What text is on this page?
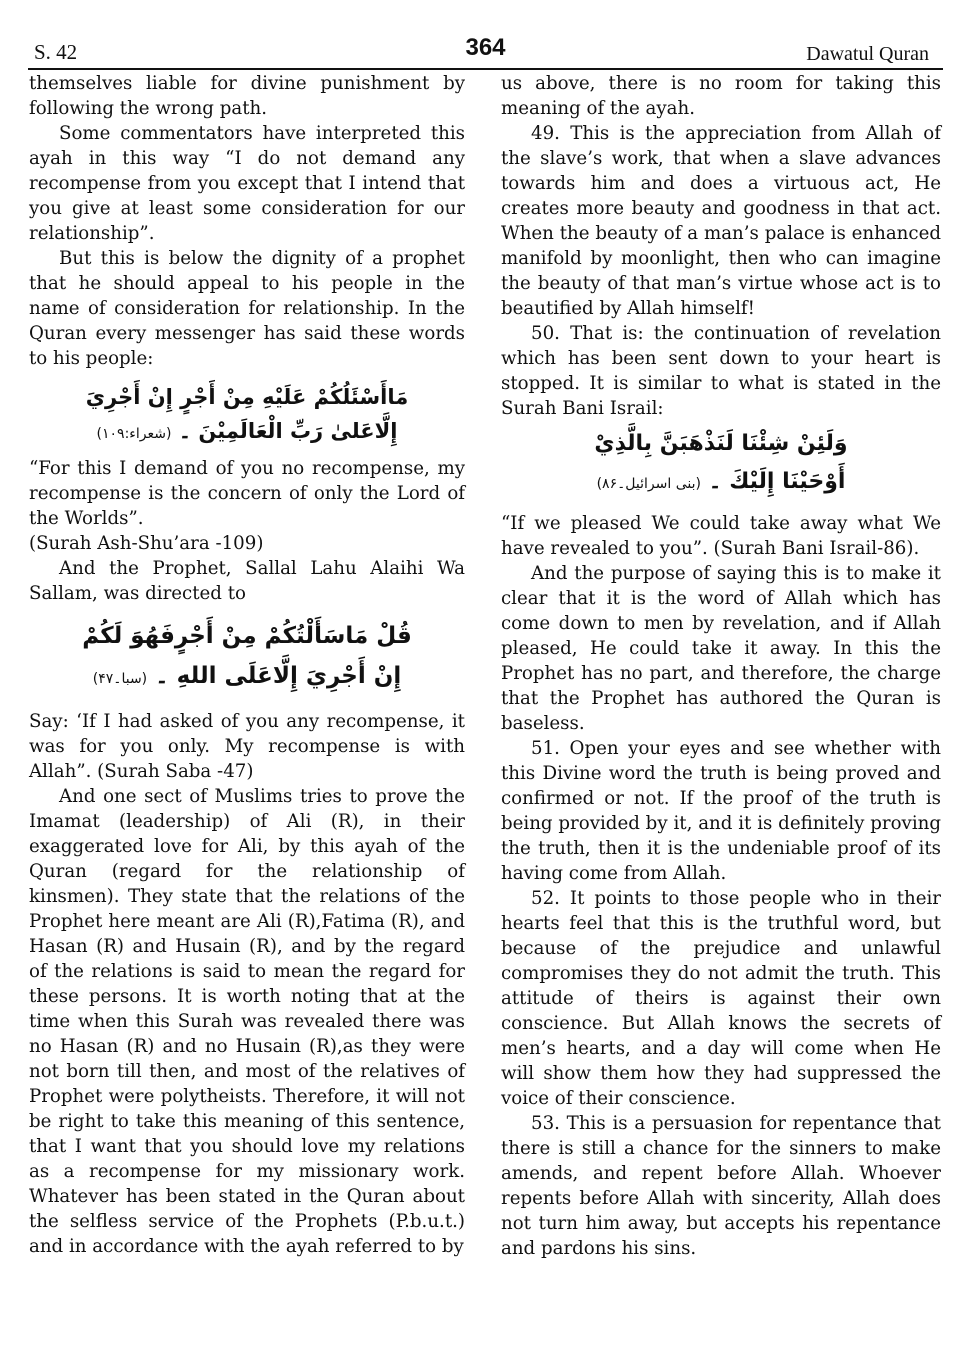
S. 42	364	Dawatul Quran

themselves liable for divine punishment by following the wrong path.

Some commentators have interpreted this ayah in this way “I do not demand any recompense from you except that I intend that you give at least some consideration for our relationship”.

But this is below the dignity of a prophet that he should appeal to his people in the name of consideration for relationship. In the Quran every messenger has said these words to his people:

مَاأَسْئَلُكُمْ عَلَيْهِ مِنْ أَجْرٍ إِنْ أَجْرِيَ
إِلَّاعَلىٰ رَبِّ الْعَالَمِيْنَ ۔ (شعراء:۱۰۹)

“For this I demand of you no recompense, my recompense is the concern of only the Lord of the Worlds”.

(Surah Ash-Shu’ara -109)

And the Prophet, Sallal Lahu Alaihi Wa Sallam, was directed to

قُلْ مَاسَأَلْتُكُمْ مِنْ أَجْرٍفَهُوَ لَكُمْ
إِنْ أَجْرِيَ إِلَّاعَلَى اللهِ ۔ (سبا۔۴۷)

Say: ‘If I had asked of you any recompense, it was for you only. My recompense is with Allah”. (Surah Saba -47)

And one sect of Muslims tries to prove the Imamat (leadership) of Ali (R), in their exaggerated love for Ali, by this ayah of the Quran (regard for the relationship of kinsmen). They state that the relations of the Prophet here meant are Ali (R),Fatima (R), and Hasan (R) and Husain (R), and by the regard of the relations is said to mean the regard for these persons. It is worth noting that at the time when this Surah was revealed there was no Hasan (R) and no Husain (R),as they were not born till then, and most of the relatives of Prophet were polytheists. Therefore, it will not be right to take this meaning of this sentence, that I want that you should love my relations as a recompense for my missionary work. Whatever has been stated in the Quran about the selfless service of the Prophets (P.b.u.t.) and in accordance with the ayah referred to by

us above, there is no room for taking this meaning of the ayah.

49. This is the appreciation from Allah of the slave’s work, that when a slave advances towards him and does a virtuous act, He creates more beauty and goodness in that act. When the beauty of a man’s palace is enhanced manifold by moonlight, then who can imagine the beauty of that man’s virtue whose act is to beautified by Allah himself!

50. That is: the continuation of revelation which has been sent down to your heart is stopped. It is similar to what is stated in the Surah Bani Israil:

وَلَئِنْ شِئْنَا لَنَذْهَبَنَّ بِالَّذِيْ
أَوْحَيْنَا إِلَيْكَ ۔ (بنی اسرائیل۔۸۶)

“If we pleased We could take away what We have revealed to you”. (Surah Bani Israil-86).

And the purpose of saying this is to make it clear that it is the word of Allah which has come down to men by revelation, and if Allah pleased, He could take it away. In this the Prophet has no part, and therefore, the charge that the Prophet has authored the Quran is baseless.

51. Open your eyes and see whether with this Divine word the truth is being proved and confirmed or not. If the proof of the truth is being provided by it, and it is definitely proving the truth, then it is the undeniable proof of its having come from Allah.

52. It points to those people who in their hearts feel that this is the truthful word, but because of the prejudice and unlawful compromises they do not admit the truth. This attitude of theirs is against their own conscience. But Allah knows the secrets of men’s hearts, and a day will come when He will show them how they had suppressed the voice of their conscience.

53. This is a persuasion for repentance that there is still a chance for the sinners to make amends, and repent before Allah. Whoever repents before Allah with sincerity, Allah does not turn him away, but accepts his repentance and pardons his sins.
